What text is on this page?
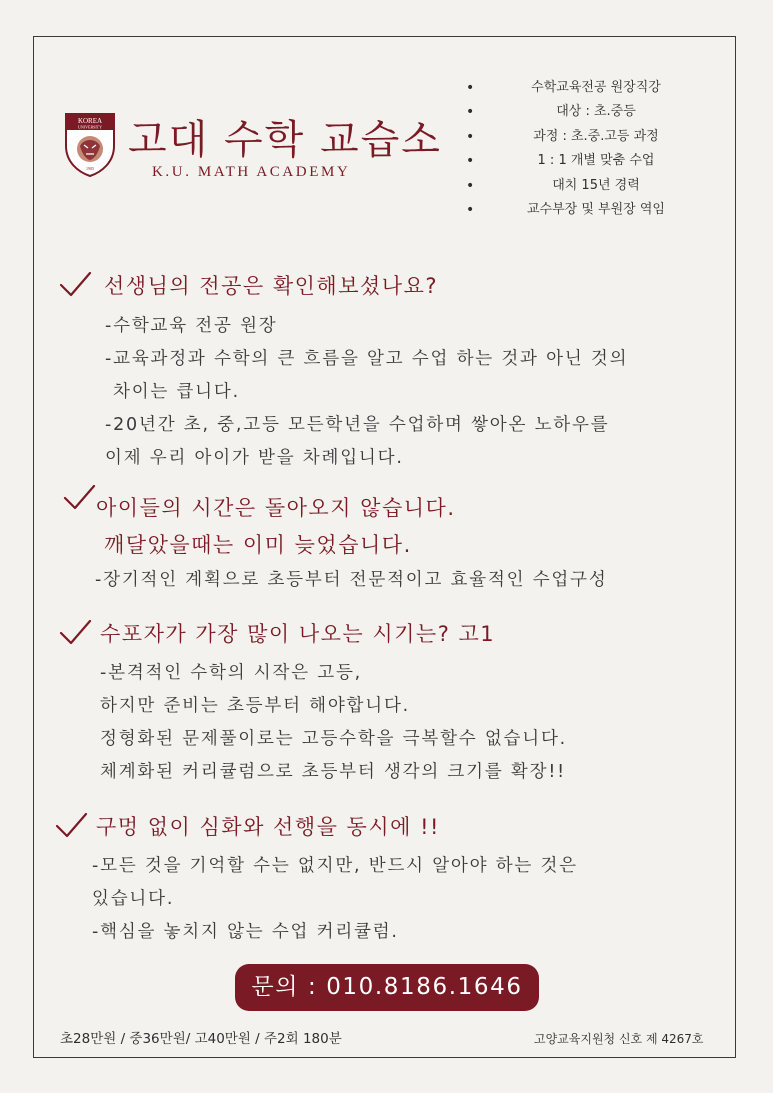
KOREA
UNIVERSITY
1905
고대 수학 교습소
K.U. MATH ACADEMY
•	수학교육전공 원장직강
•	대상 : 초.중등
•	과정 : 초.중.고등 과정
•	1 : 1 개별 맞춤 수업
•	대치 15년 경력
•	교수부장 및 부원장 역임
선생님의 전공은 확인해보셨나요?
-수학교육 전공 원장
-교육과정과 수학의 큰 흐름을 알고 수업 하는 것과 아닌 것의
차이는 큽니다.
-20년간 초, 중,고등 모든학년을 수업하며 쌓아온 노하우를
이제 우리 아이가 받을 차례입니다.
아이들의 시간은 돌아오지 않습니다.
깨달았을때는 이미 늦었습니다.
-장기적인 계획으로 초등부터 전문적이고 효율적인 수업구성
수포자가 가장 많이 나오는 시기는? 고1
-본격적인 수학의 시작은 고등,
하지만 준비는 초등부터 해야합니다.
정형화된 문제풀이로는 고등수학을 극복할수 없습니다.
체계화된 커리큘럼으로 초등부터 생각의 크기를 확장!!
구멍 없이 심화와 선행을 동시에 !!
-모든 것을 기억할 수는 없지만, 반드시 알아야 하는 것은
있습니다.
-핵심을 놓치지 않는 수업 커리큘럼.
문의 : 010.8186.1646
초28만원 / 중36만원/ 고40만원 / 주2회 180분	고양교육지원청 신호 제 4267호
